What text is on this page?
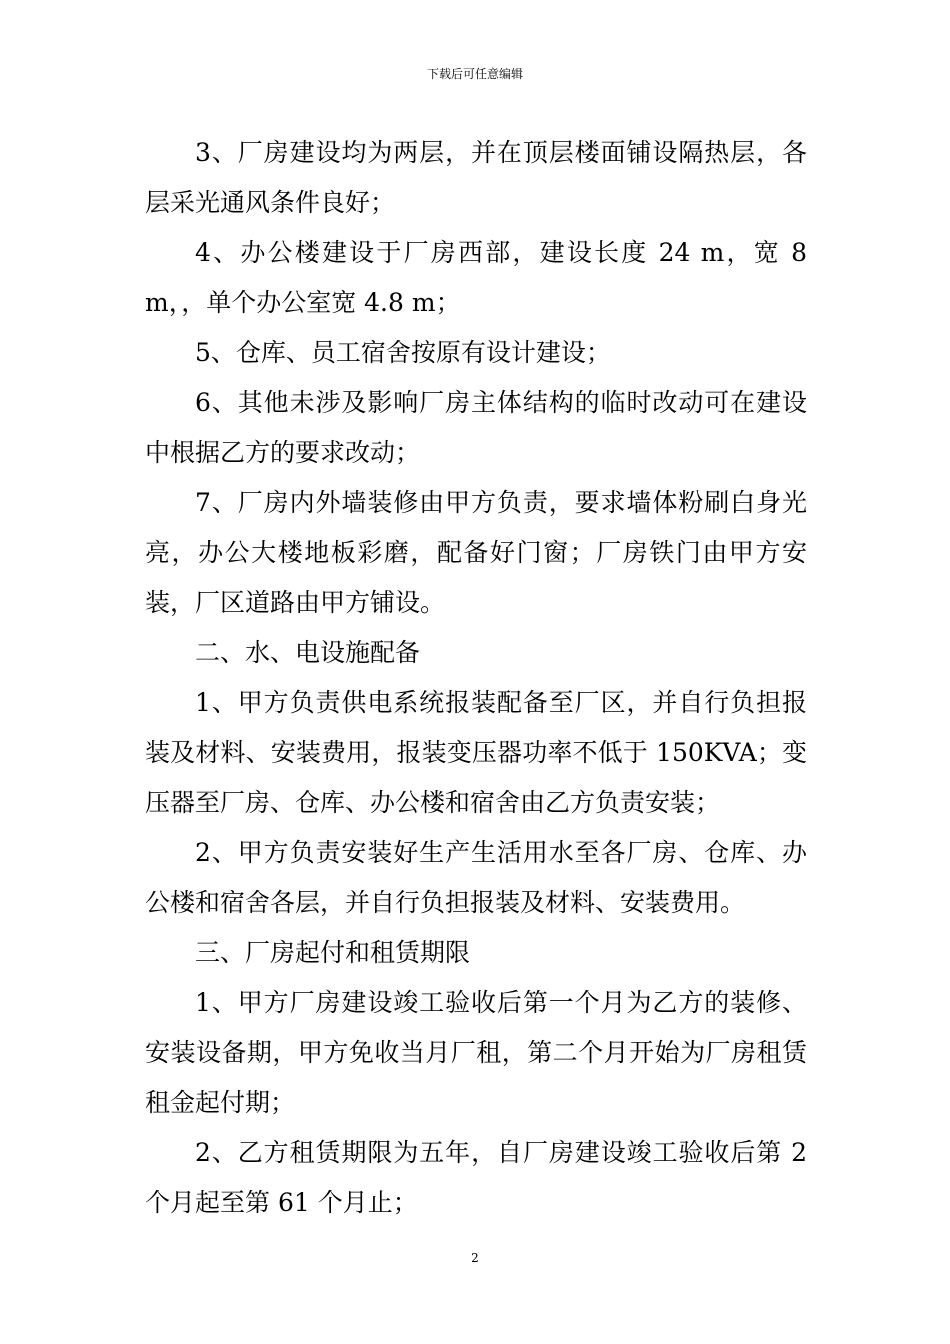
下载后可任意编辑

3、厂房建设均为两层，并在顶层楼面铺设隔热层，各层采光通风条件良好；

4、办公楼建设于厂房西部，建设长度 24 m，宽 8 m，，单个办公室宽 4.8 m；

5、仓库、员工宿舍按原有设计建设；

6、其他未涉及影响厂房主体结构的临时改动可在建设中根据乙方的要求改动；

7、厂房内外墙装修由甲方负责，要求墙体粉刷白身光亮，办公大楼地板彩磨，配备好门窗；厂房铁门由甲方安装，厂区道路由甲方铺设。

二、水、电设施配备

1、甲方负责供电系统报装配备至厂区，并自行负担报装及材料、安装费用，报装变压器功率不低于 150KVA；变压器至厂房、仓库、办公楼和宿舍由乙方负责安装；

2、甲方负责安装好生产生活用水至各厂房、仓库、办公楼和宿舍各层，并自行负担报装及材料、安装费用。

三、厂房起付和租赁期限

1、甲方厂房建设竣工验收后第一个月为乙方的装修、安装设备期，甲方免收当月厂租，第二个月开始为厂房租赁租金起付期；

2、乙方租赁期限为五年，自厂房建设竣工验收后第 2 个月起至第 61 个月止；

2
